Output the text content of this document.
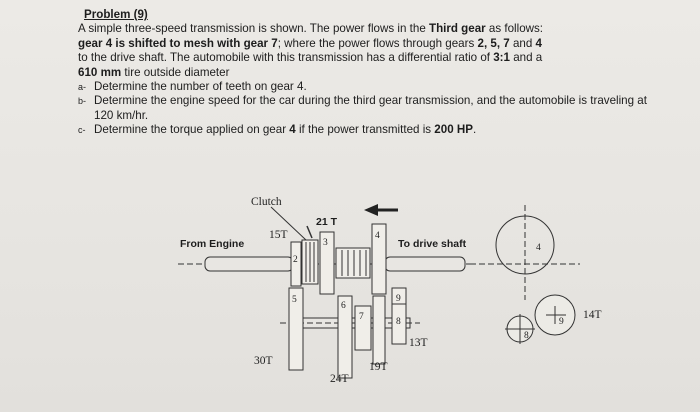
Problem (9)

A simple three-speed transmission is shown. The power flows in the Third gear as follows:
gear 4 is shifted to mesh with gear 7; where the power flows through gears 2, 5, 7 and 4
to the drive shaft. The automobile with this transmission has a differential ratio of 3:1 and a
610 mm tire outside diameter

a- Determine the number of teeth on gear 4.
b- Determine the engine speed for the car during the third gear transmission, and the automobile is traveling at 120 km/hr.
c- Determine the torque applied on gear 4 if the power transmitted is 200 HP.
Clutch
From Engine	To drive shaft
15T
21 T
30T
24T
19T
13T
14T
2
3
4
5
6
7	8
9
4
8
9
